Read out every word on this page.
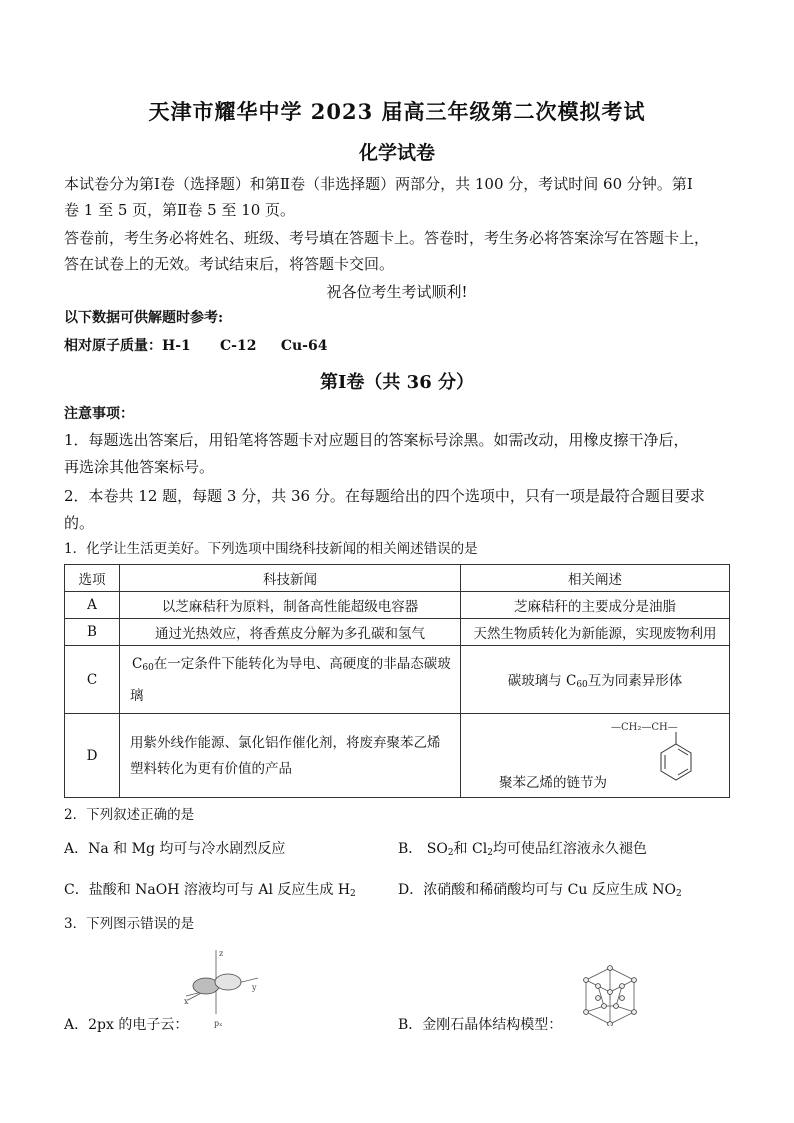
天津市耀华中学 2023 届高三年级第二次模拟考试
化学试卷
本试卷分为第Ⅰ卷（选择题）和第Ⅱ卷（非选择题）两部分，共 100 分，考试时间 60 分钟。第Ⅰ
卷 1 至 5 页，第Ⅱ卷 5 至 10 页。
答卷前，考生务必将姓名、班级、考号填在答题卡上。答卷时，考生务必将答案涂写在答题卡上，
答在试卷上的无效。考试结束后，将答题卡交回。
祝各位考生考试顺利!
以下数据可供解题时参考:
相对原子质量：H-1      C-12     Cu-64
第Ⅰ卷（共 36 分）
注意事项：
1．每题选出答案后，用铅笔将答题卡对应题目的答案标号涂黑。如需改动，用橡皮擦干净后，
再选涂其他答案标号。
2．本卷共 12 题，每题 3 分，共 36 分。在每题给出的四个选项中，只有一项是最符合题目要求
的。
1．化学让生活更美好。下列选项中围绕科技新闻的相关阐述错误的是
选项	科技新闻	相关阐述
A	以芝麻秸秆为原料，制备高性能超级电容器	芝麻秸秆的主要成分是油脂
B	通过光热效应，将香蕉皮分解为多孔碳和氢气	天然生物质转化为新能源，实现废物利用
C	$C_{60}$在一定条件下能转化为导电、高硬度的非晶态碳玻
璃	碳玻璃与 $C_{60}$互为同素异形体
D	用紫外线作能源、氯化铝作催化剂，将废弃聚苯乙烯
塑料转化为更有价值的产品	聚苯乙烯的链节为
—CH₂—CH—
2．下列叙述正确的是
A．Na 和 Mg 均可与冷水剧烈反应	B． $SO_2$和 $Cl_2$均可使品红溶液永久褪色
C．盐酸和 NaOH 溶液均可与 Al 反应生成 $H_2$	D．浓硝酸和稀硝酸均可与 Cu 反应生成 $NO_2$
3．下列图示错误的是
z
y
x
pₓ
A．2px 的电子云：	B．金刚石晶体结构模型：
